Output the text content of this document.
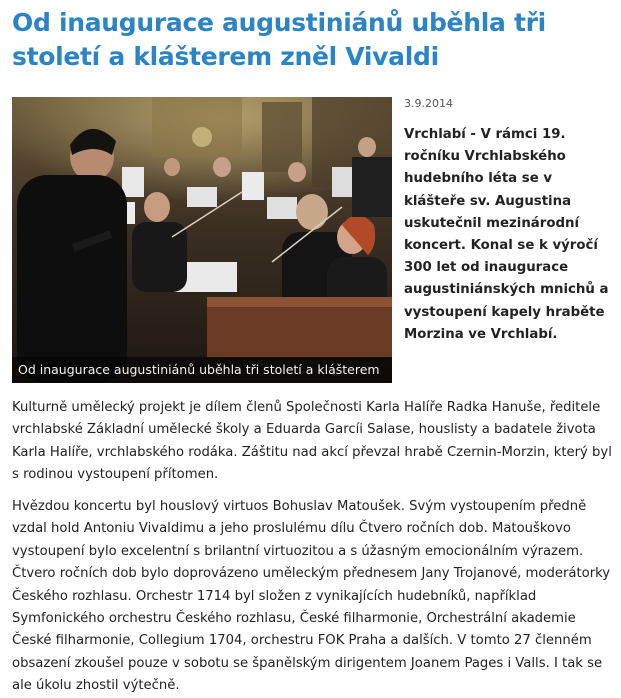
Od inaugurace augustiniánů uběhla tři století a klášterem zněl Vivaldi
Od inaugurace augustiniánů uběhla tři století a klášterem
3.9.2014

Vrchlabí - V rámci 19. ročníku Vrchlabského hudebního léta se v klášteře sv. Augustina uskutečnil mezinárodní koncert. Konal se k výročí 300 let od inaugurace augustiniánských mnichů a vystoupení kapely hraběte Morzina ve Vrchlabí.

Kulturně umělecký projekt je dílem členů Společnosti Karla Halíře Radka Hanuše, ředitele vrchlabské Základní umělecké školy a Eduarda Garcíi Salase, houslisty a badatele života Karla Halíře, vrchlabského rodáka. Záštitu nad akcí převzal hrabě Czernin-Morzin, který byl s rodinou vystoupení přítomen.

Hvězdou koncertu byl houslový virtuos Bohuslav Matoušek. Svým vystoupením předně vzdal hold Antoniu Vivaldimu a jeho proslulému dílu Čtvero ročních dob. Matouškovo vystoupení bylo excelentní s brilantní virtuozitou a s úžasným emocionálním výrazem. Čtvero ročních dob bylo doprovázeno uměleckým přednesem Jany Trojanové, moderátorky Českého rozhlasu. Orchestr 1714 byl složen z vynikajících hudebníků, například Symfonického orchestru Českého rozhlasu, České filharmonie, Orchestrální akademie České filharmonie, Collegium 1704, orchestru FOK Praha a dalších. V tomto 27 členném obsazení zkoušel pouze v sobotu se španělským dirigentem Joanem Pages i Valls. I tak se ale úkolu zhostil výtečně.
